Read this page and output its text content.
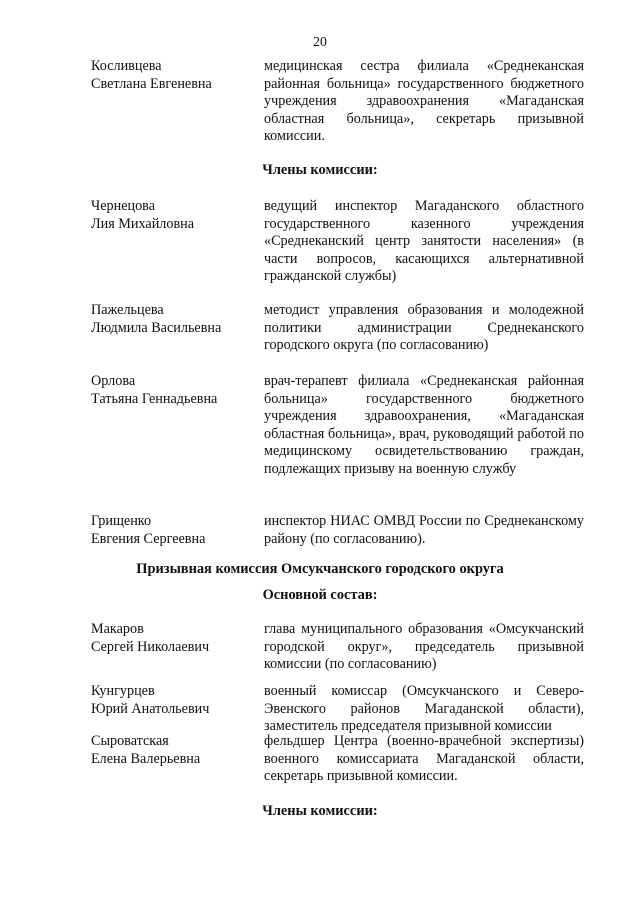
20
Косливцева
Светлана Евгеневна
медицинская сестра филиала «Среднеканская районная больница» государственного бюджетного учреждения здравоохранения «Магаданская областная больница», секретарь призывной комиссии.
Члены комиссии:
Чернецова
Лия Михайловна
ведущий инспектор Магаданского областного государственного казенного учреждения «Среднеканский центр занятости населения» (в части вопросов, касающихся альтернативной гражданской службы)
Пажельцева
Людмила Васильевна
методист управления образования и молодежной политики администрации Среднеканского городского округа (по согласованию)
Орлова
Татьяна Геннадьевна
врач-терапевт филиала «Среднеканская районная больница» государственного бюджетного учреждения здравоохранения, «Магаданская областная больница», врач, руководящий работой по медицинскому освидетельствованию граждан, подлежащих призыву на военную службу
Грищенко
Евгения Сергеевна
инспектор НИАС ОМВД России по Среднеканскому району (по согласованию).
Призывная комиссия Омсукчанского городского округа
Основной состав:
Макаров
Сергей Николаевич
глава муниципального образования «Омсукчанский городской округ», председатель призывной комиссии (по согласованию)
Кунгурцев
Юрий Анатольевич
военный комиссар (Омсукчанского и Северо-Эвенского районов Магаданской области), заместитель председателя призывной комиссии
Сыроватская
Елена Валерьевна
фельдшер Центра (военно-врачебной экспертизы) военного комиссариата Магаданской области, секретарь призывной комиссии.
Члены комиссии:
